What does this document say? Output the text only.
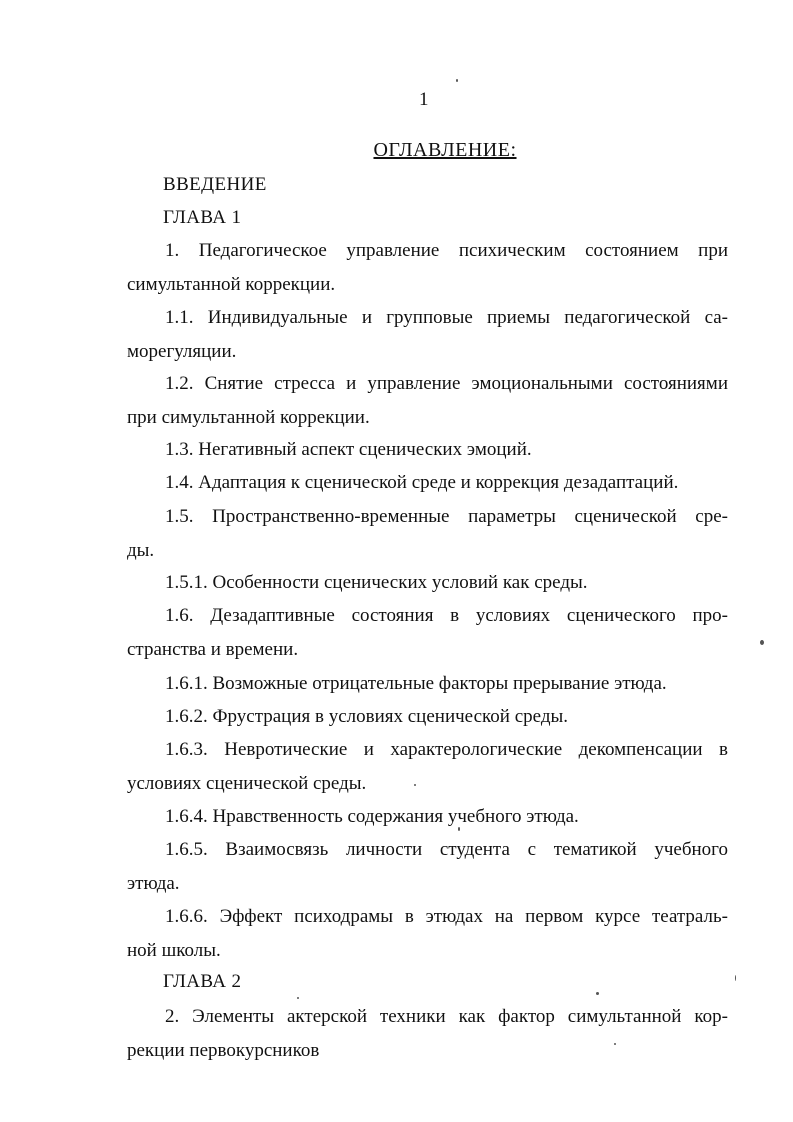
1
ОГЛАВЛЕНИЕ:
ВВЕДЕНИЕ
ГЛАВА 1

1. Педагогическое управление психическим состоянием при

симультанной коррекции.

1.1. Индивидуальные и групповые приемы педагогической са-

морегуляции.

1.2. Снятие стресса и управление эмоциональными состояниями

при симультанной коррекции.

1.3. Негативный аспект сценических эмоций.

1.4. Адаптация к сценической среде и коррекция дезадаптаций.

1.5. Пространственно-временные параметры сценической сре-

ды.

1.5.1. Особенности сценических условий как среды.

1.6. Дезадаптивные состояния в условиях сценического про-

странства и времени.

1.6.1. Возможные отрицательные факторы прерывание этюда.

1.6.2. Фрустрация в условиях сценической среды.

1.6.3. Невротические и характерологические декомпенсации в

условиях сценической среды.

1.6.4. Нравственность содержания учебного этюда.

1.6.5. Взаимосвязь личности студента с тематикой учебного

этюда.

1.6.6. Эффект психодрамы в этюдах на первом курсе театраль-

ной школы.

ГЛАВА 2

2. Элементы актерской техники как фактор симультанной кор-

рекции первокурсников
